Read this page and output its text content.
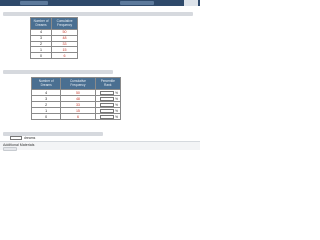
Number of Dreams	Cumulative Frequency
4	50
3	48
2	33
1	15
0	6
Number of Dreams	Cumulative Frequency	Percentile Rank
4	50	%

3	48	%

2	33	%

1	15	%

0	6	%
dreams
Additional Materials
